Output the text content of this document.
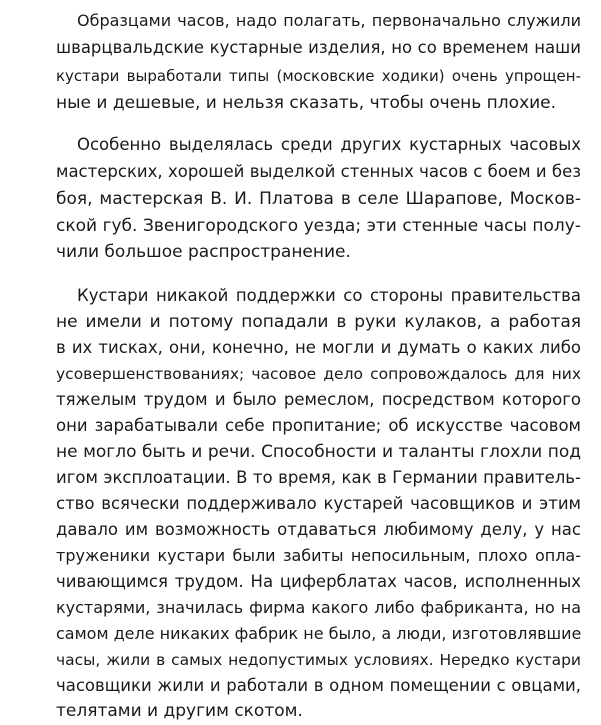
Образцами часов, надо полагать, первоначально служили

шварцвальдские кустарные изделия, но со временем наши

кустари выработали типы (московские ходики) очень упрощен-

ные и дешевые, и нельзя сказать, чтобы очень плохие.

Особенно выделялась среди других кустарных часовых

мастерских, хорошей выделкой стенных часов с боем и без

боя, мастерская В. И. Платова в селе Шарапове, Москов-

ской губ. Звенигородского уезда; эти стенные часы полу-

чили большое распространение.

Кустари никакой поддержки со стороны правительства

не имели и потому попадали в руки кулаков, а работая

в их тисках, они, конечно, не могли и думать о каких либо

усовершенствованиях; часовое дело сопровождалось для них

тяжелым трудом и было ремеслом, посредством которого

они зарабатывали себе пропитание; об искусстве часовом

не могло быть и речи. Способности и таланты глохли под

игом эксплоатации. В то время, как в Германии правитель-

ство всячески поддерживало кустарей часовщиков и этим

давало им возможность отдаваться любимому делу, у нас

труженики кустари были забиты непосильным, плохо опла-

чивающимся трудом. На циферблатах часов, исполненных

кустарями, значилась фирма какого либо фабриканта, но на

самом деле никаких фабрик не было, а люди, изготовлявшие

часы, жили в самых недопустимых условиях. Нередко кустари

часовщики жили и работали в одном помещении с овцами,

телятами и другим скотом.
